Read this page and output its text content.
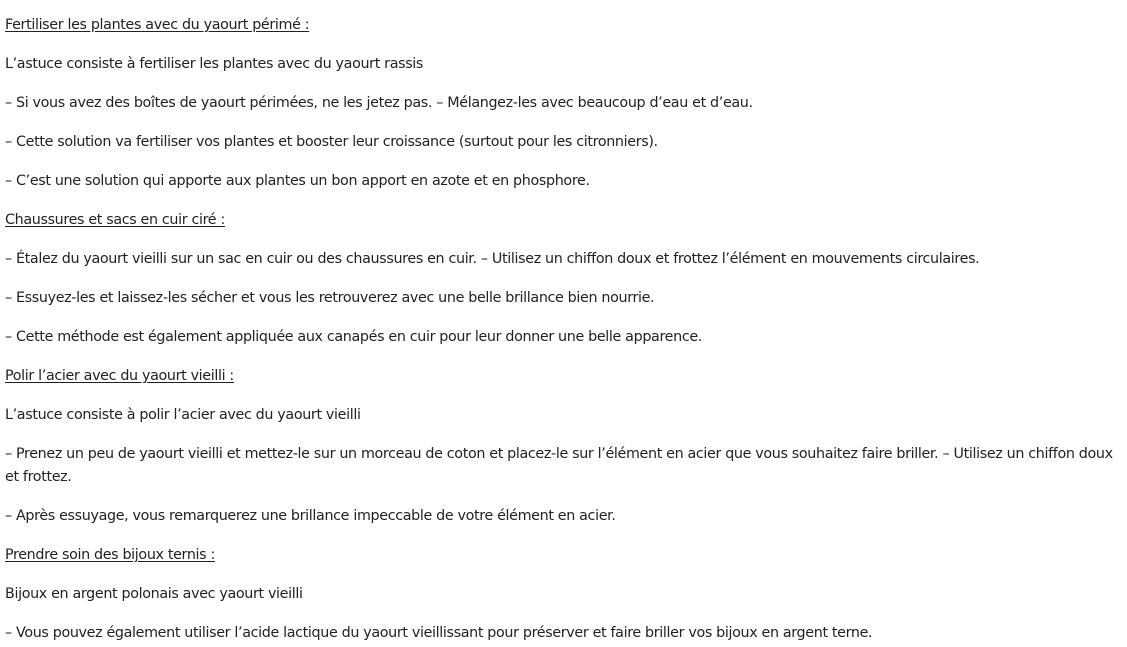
Fertiliser les plantes avec du yaourt périmé :

L’astuce consiste à fertiliser les plantes avec du yaourt rassis

– Si vous avez des boîtes de yaourt périmées, ne les jetez pas. – Mélangez-les avec beaucoup d’eau et d’eau.

– Cette solution va fertiliser vos plantes et booster leur croissance (surtout pour les citronniers).

– C’est une solution qui apporte aux plantes un bon apport en azote et en phosphore.

Chaussures et sacs en cuir ciré :

– Étalez du yaourt vieilli sur un sac en cuir ou des chaussures en cuir. – Utilisez un chiffon doux et frottez l’élément en mouvements circulaires.

– Essuyez-les et laissez-les sécher et vous les retrouverez avec une belle brillance bien nourrie.

– Cette méthode est également appliquée aux canapés en cuir pour leur donner une belle apparence.

Polir l’acier avec du yaourt vieilli :

L’astuce consiste à polir l’acier avec du yaourt vieilli

– Prenez un peu de yaourt vieilli et mettez-le sur un morceau de coton et placez-le sur l’élément en acier que vous souhaitez faire briller. – Utilisez un chiffon doux et frottez.

– Après essuyage, vous remarquerez une brillance impeccable de votre élément en acier.

Prendre soin des bijoux ternis :

Bijoux en argent polonais avec yaourt vieilli

– Vous pouvez également utiliser l’acide lactique du yaourt vieillissant pour préserver et faire briller vos bijoux en argent terne.
